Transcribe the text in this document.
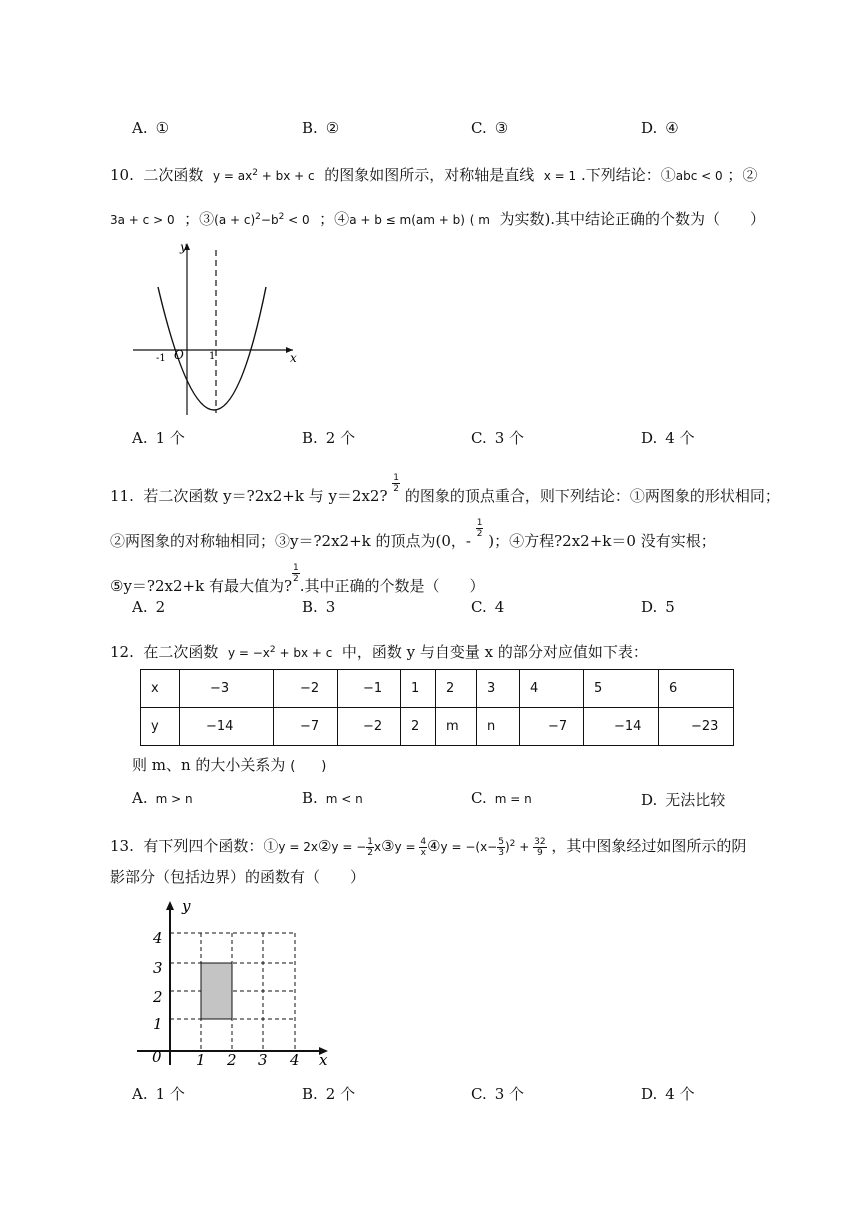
A. ①	B. ②	C. ③	D. ④
10. 二次函数 $y = ax^2$ + bx + c 的图象如图所示，对称轴是直线 x = 1 .下列结论：①abc < 0 ；②
3a + c > 0 ；③(a + $c)^2-b^2 < 0$ ；④a + b ≤ m(am + b) ( m 为实数).其中结论正确的个数为（　　）
y
x
O
-1	1
A. 1 个	B. 2 个	C. 3 个	D. 4 个
11. 若二次函数 y＝?2x2+k 与 y＝2x2?
$\frac{1}{2}$
的图象的顶点重合，则下列结论：①两图象的形状相同；
②两图象的对称轴相同；③y＝?2x2+k 的顶点为(0，-
$\frac{1}{2}$
)；④方程?2x2+k＝0 没有实根；
⑤y＝?2x2+k 有最大值为?
$\frac{1}{2}$
.其中正确的个数是（　　）
A. 2	B. 3	C. 4	D. 5
12. 在二次函数 $y = -x^2$ + bx + c 中，函数 y 与自变量 x 的部分对应值如下表：
x	−3	−2	−1	1	2	3	4	5	6
y	−14	−7	−2	2	m	n	−7	−14	−23
则 m、n 的大小关系为 (　　)
A. m > n	B. m < n	C. m = n	D. 无法比较
13. 有下列四个函数：①y = 2x②y = − $\frac{1}{2}$ x③y = $\frac{4}{x}$ ④y = $-(x- \frac{5}{3} )^2 + \frac{32}{9}$ ，其中图象经过如图所示的阴
影部分（包括边界）的函数有（　　）
y
x
0 1 2 3 4
1
2
3
4
A. 1 个	B. 2 个	C. 3 个	D. 4 个
